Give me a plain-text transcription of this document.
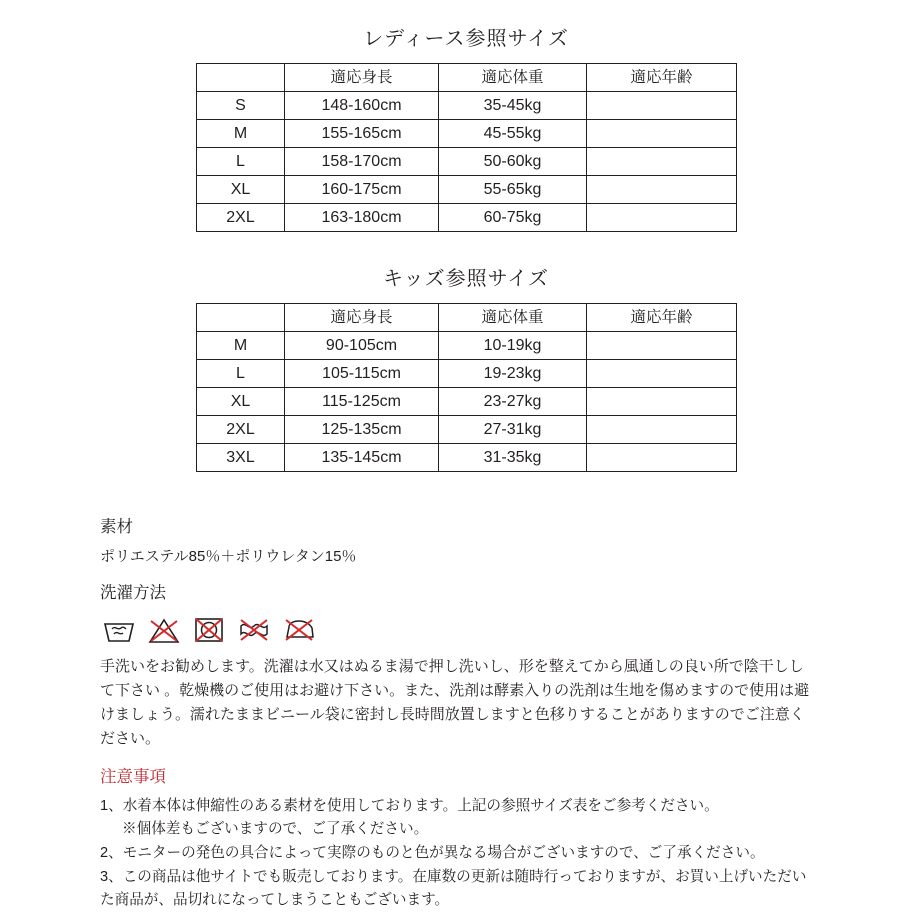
レディース参照サイズ
	適応身長	適応体重	適応年齢
S	148-160cm	35-45kg	
M	155-165cm	45-55kg	
L	158-170cm	50-60kg	
XL	160-175cm	55-65kg	
2XL	163-180cm	60-75kg	
キッズ参照サイズ
	適応身長	適応体重	適応年齢
M	90-105cm	10-19kg	
L	105-115cm	19-23kg	
XL	115-125cm	23-27kg	
2XL	125-135cm	27-31kg	
3XL	135-145cm	31-35kg	
素材
ポリエステル85％＋ポリウレタン15％
洗濯方法

手洗いをお勧めします。洗濯は水又はぬるま湯で押し洗いし、形を整えてから風通しの良い所で陰干しして下さい 。乾燥機のご使用はお避け下さい。また、洗剤は酵素入りの洗剤は生地を傷めますので使用は避けましょう。濡れたままビニール袋に密封し長時間放置しますと色移りすることがありますのでご注意ください。

注意事項
1、水着本体は伸縮性のある素材を使用しております。上記の参照サイズ表をご参考ください。
※個体差もございますので、ご了承ください。
2、モニターの発色の具合によって実際のものと色が異なる場合がございますので、ご了承ください。
3、この商品は他サイトでも販売しております。在庫数の更新は随時行っておりますが、お買い上げいただいた商品が、品切れになってしまうこともございます。
